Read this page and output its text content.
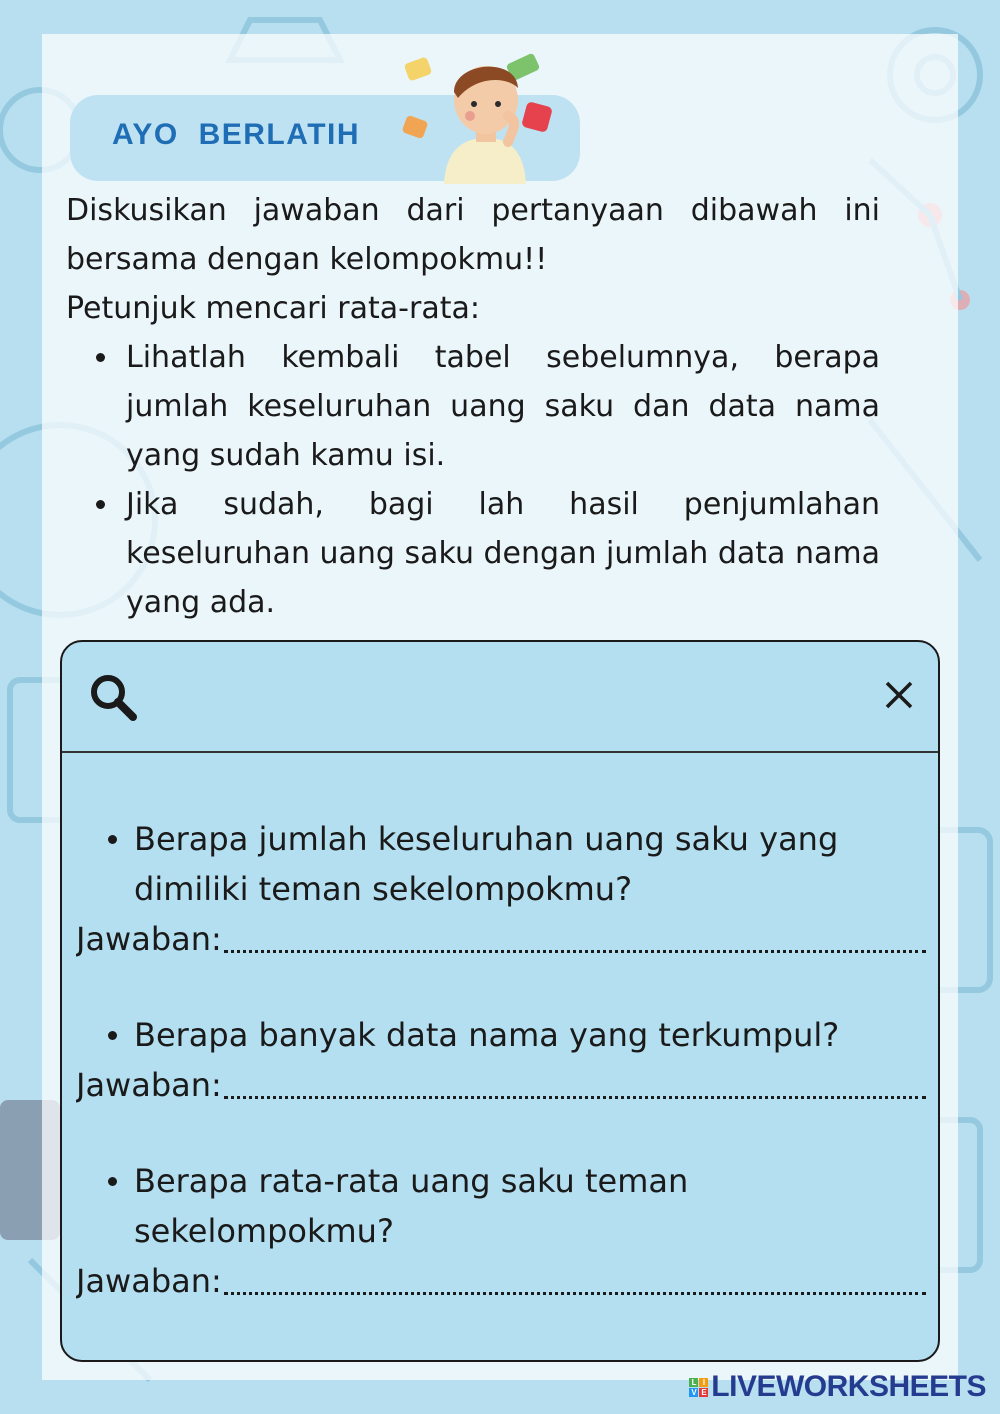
AYO BERLATIH

Diskusikan jawaban dari pertanyaan dibawah ini bersama dengan kelompokmu!!

Petunjuk mencari rata-rata:

Lihatlah kembali tabel sebelumnya, berapa jumlah keseluruhan uang saku dan data nama yang sudah kamu isi.
Jika sudah, bagi lah hasil penjumlahan keseluruhan uang saku dengan jumlah data nama yang ada.
Berapa jumlah keseluruhan uang saku yang dimiliki teman sekelompokmu?
Jawaban:
Berapa banyak data nama yang terkumpul?
Jawaban:
Berapa rata-rata uang saku teman sekelompokmu?
Jawaban:
L I
V E LIVEWORKSHEETS
